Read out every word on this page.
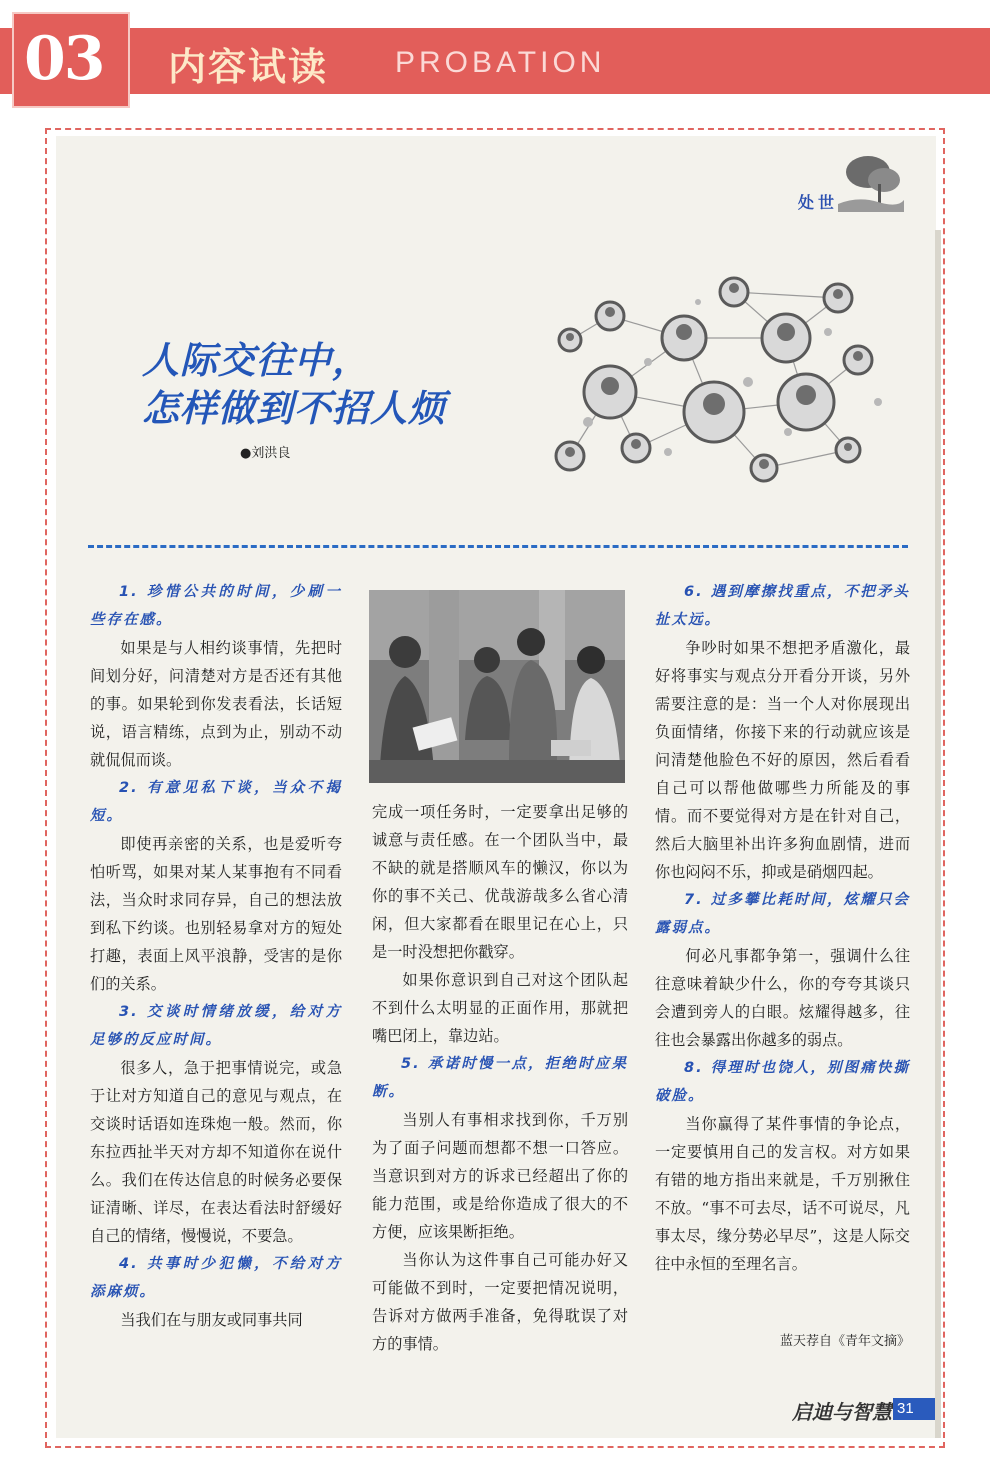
03 内容试读 PROBATION
处世
人际交往中，
怎样做到不招人烦
●刘洪良

1. 珍惜公共的时间，少刷一些存在感。

如果是与人相约谈事情，先把时间划分好，问清楚对方是否还有其他的事。如果轮到你发表看法，长话短说，语言精练，点到为止，别动不动就侃侃而谈。

2. 有意见私下谈，当众不揭短。

即使再亲密的关系，也是爱听夸怕听骂，如果对某人某事抱有不同看法，当众时求同存异，自己的想法放到私下约谈。也别轻易拿对方的短处打趣，表面上风平浪静，受害的是你们的关系。

3. 交谈时情绪放缓，给对方足够的反应时间。

很多人，急于把事情说完，或急于让对方知道自己的意见与观点，在交谈时话语如连珠炮一般。然而，你东拉西扯半天对方却不知道你在说什么。我们在传达信息的时候务必要保证清晰、详尽，在表达看法时舒缓好自己的情绪，慢慢说，不要急。

4. 共事时少犯懒，不给对方添麻烦。

当我们在与朋友或同事共同

完成一项任务时，一定要拿出足够的诚意与责任感。在一个团队当中，最不缺的就是搭顺风车的懒汉，你以为你的事不关己、优哉游哉多么省心清闲，但大家都看在眼里记在心上，只是一时没想把你戳穿。

如果你意识到自己对这个团队起不到什么太明显的正面作用，那就把嘴巴闭上，靠边站。

5. 承诺时慢一点，拒绝时应果断。

当别人有事相求找到你，千万别为了面子问题而想都不想一口答应。当意识到对方的诉求已经超出了你的能力范围，或是给你造成了很大的不方便，应该果断拒绝。

当你认为这件事自己可能办好又可能做不到时，一定要把情况说明，告诉对方做两手准备，免得耽误了对方的事情。

6. 遇到摩擦找重点，不把矛头扯太远。

争吵时如果不想把矛盾激化，最好将事实与观点分开看分开谈，另外需要注意的是：当一个人对你展现出负面情绪，你接下来的行动就应该是问清楚他脸色不好的原因，然后看看自己可以帮他做哪些力所能及的事情。而不要觉得对方是在针对自己，然后大脑里补出许多狗血剧情，进而你也闷闷不乐，抑或是硝烟四起。

7. 过多攀比耗时间，炫耀只会露弱点。

何必凡事都争第一，强调什么往往意味着缺少什么，你的夸夸其谈只会遭到旁人的白眼。炫耀得越多，往往也会暴露出你越多的弱点。

8. 得理时也饶人，别图痛快撕破脸。

当你赢得了某件事情的争论点，一定要慎用自己的发言权。对方如果有错的地方指出来就是，千万别揪住不放。“事不可去尽，话不可说尽，凡事太尽，缘分势必早尽”，这是人际交往中永恒的至理名言。

蓝天荐自《青年文摘》
启迪与智慧 31
